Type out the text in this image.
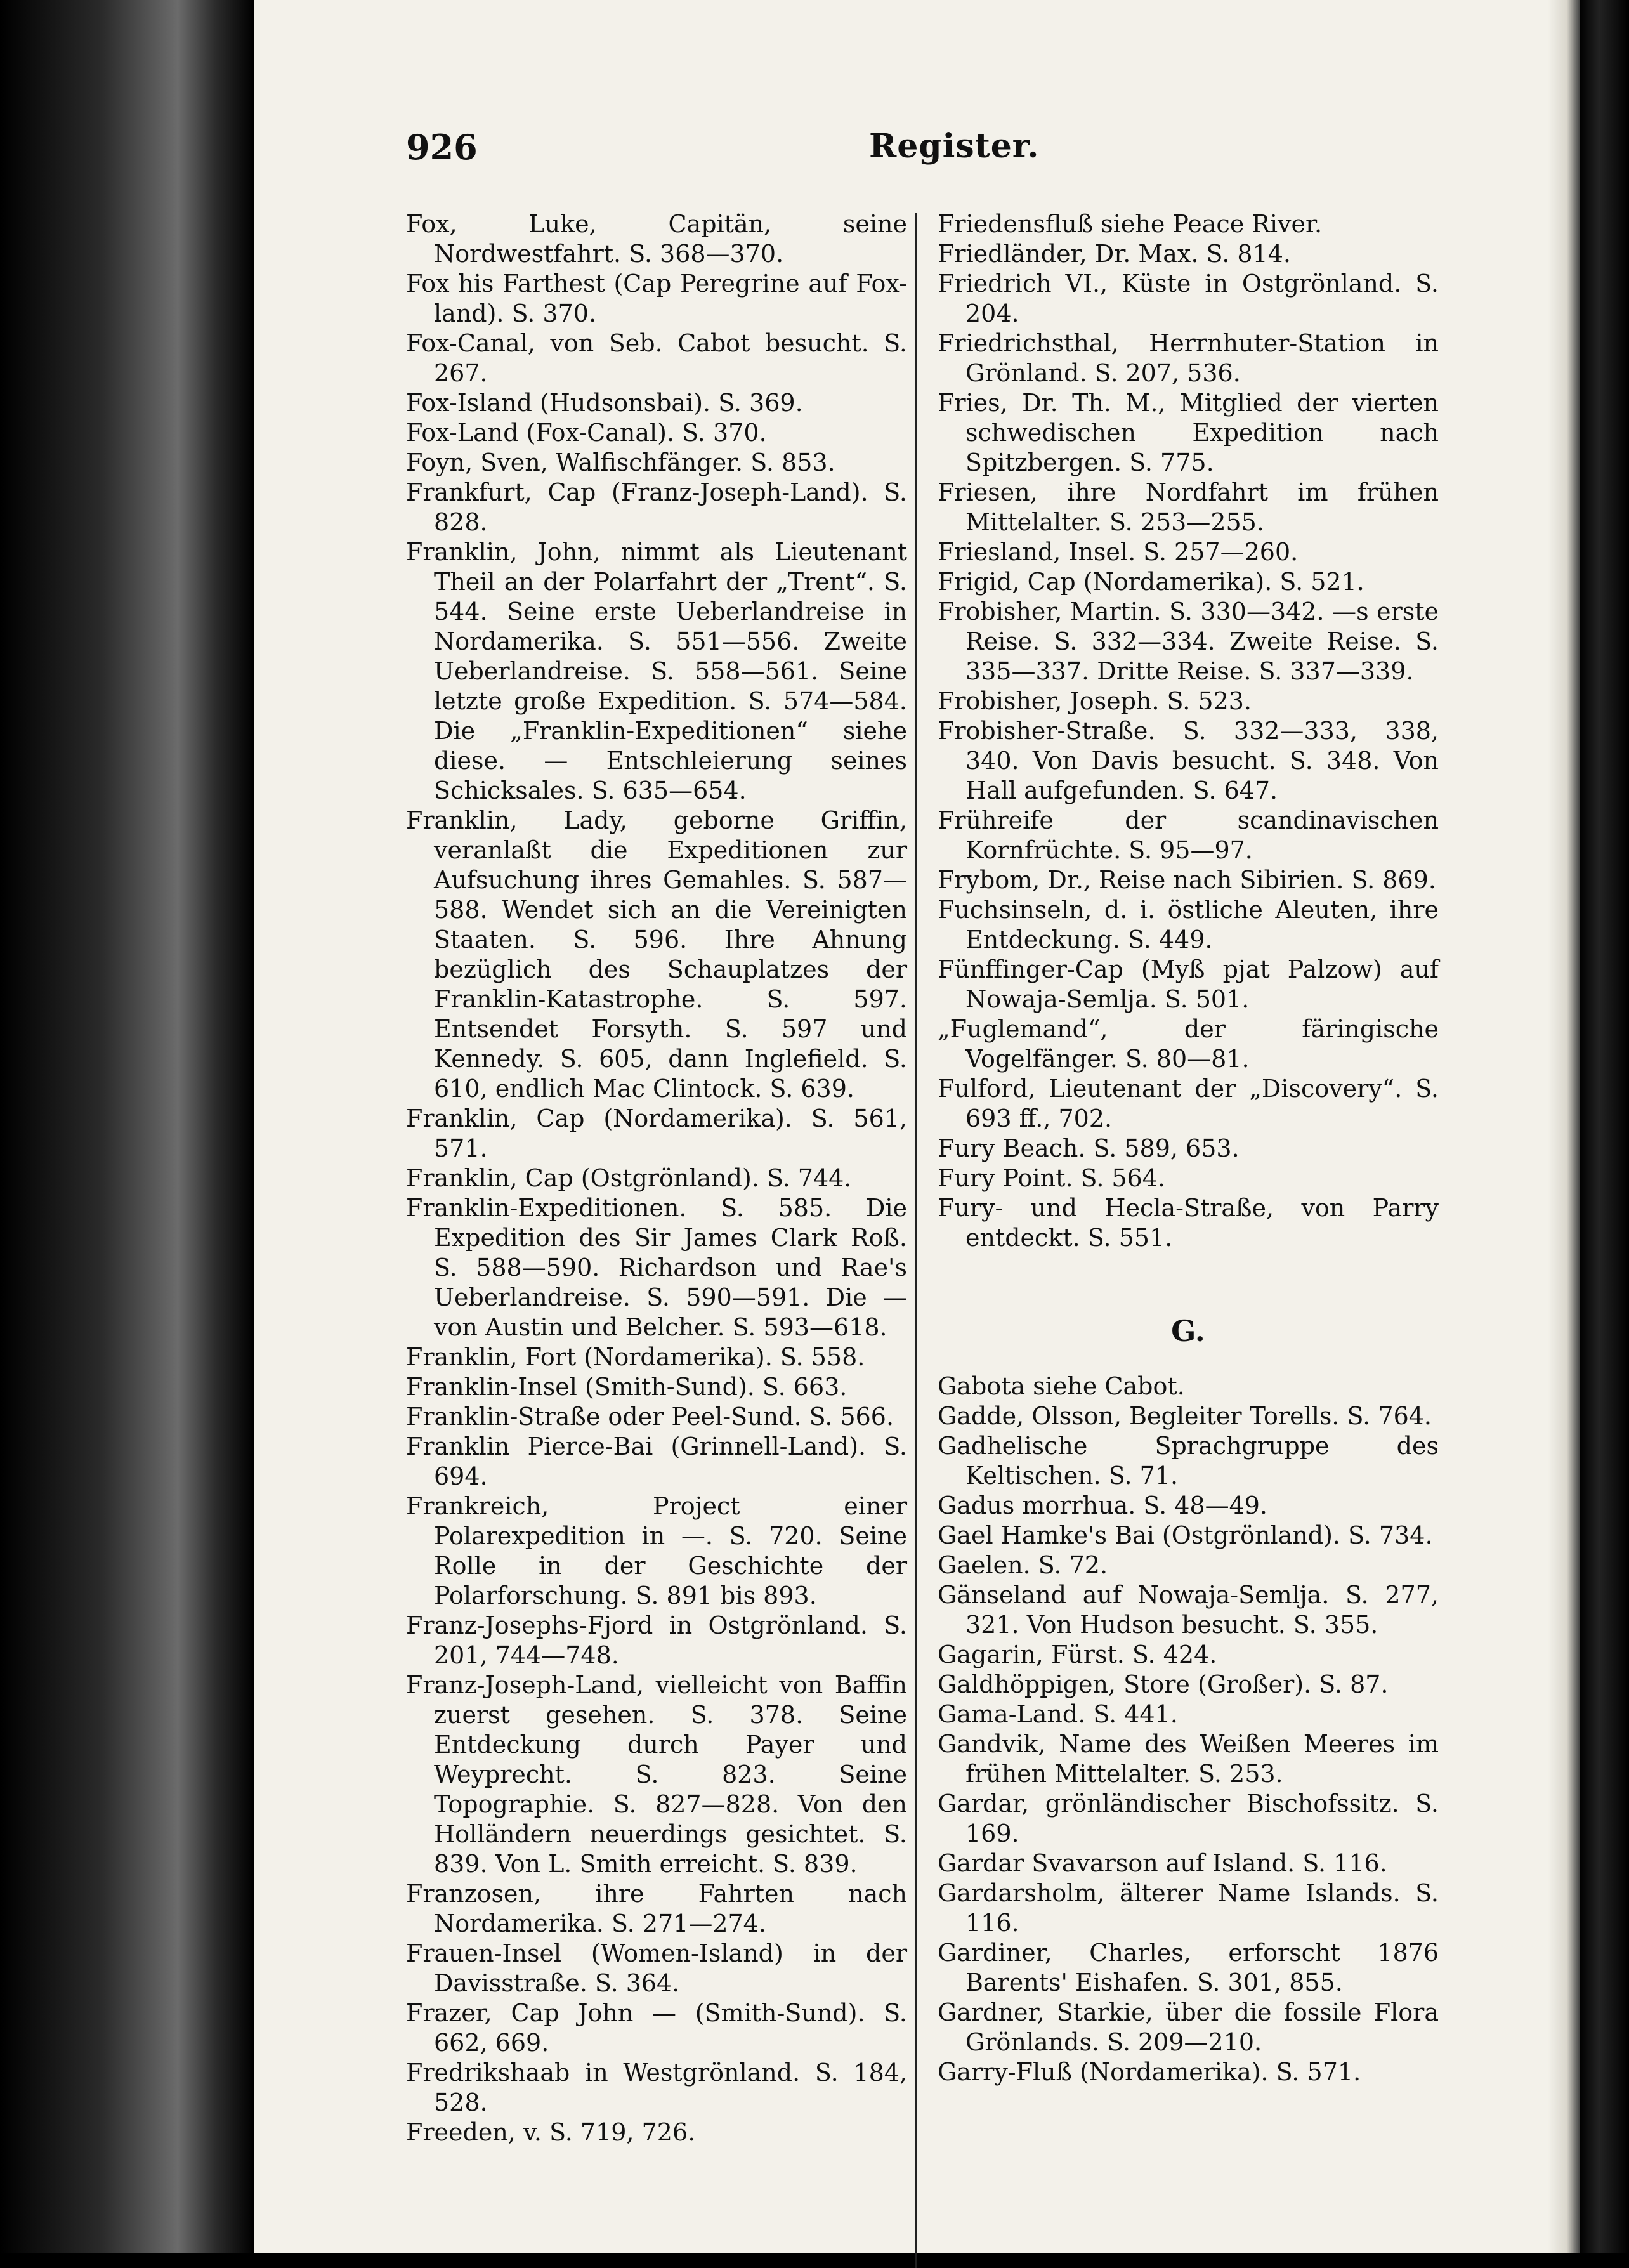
926	Register.

Fox, Luke, Capitän, seine Nordwestfahrt. S. 368—370.

Fox his Farthest (Cap Peregrine auf Fox-land). S. 370.

Fox-Canal, von Seb. Cabot besucht. S. 267.

Fox-Island (Hudsonsbai). S. 369.

Fox-Land (Fox-Canal). S. 370.

Foyn, Sven, Walfischfänger. S. 853.

Frankfurt, Cap (Franz-Joseph-Land). S. 828.

Franklin, John, nimmt als Lieutenant Theil an der Polarfahrt der „Trent“. S. 544. Seine erste Ueberlandreise in Nordamerika. S. 551—556. Zweite Ueberlandreise. S. 558—561. Seine letzte große Expedition. S. 574—584. Die „Franklin-Expeditionen“ siehe diese. — Entschleierung seines Schicksales. S. 635—654.

Franklin, Lady, geborne Griffin, veranlaßt die Expeditionen zur Aufsuchung ihres Gemahles. S. 587—588. Wendet sich an die Vereinigten Staaten. S. 596. Ihre Ahnung bezüglich des Schauplatzes der Franklin-Katastrophe. S. 597. Entsendet Forsyth. S. 597 und Kennedy. S. 605, dann Inglefield. S. 610, endlich Mac Clintock. S. 639.

Franklin, Cap (Nordamerika). S. 561, 571.

Franklin, Cap (Ostgrönland). S. 744.

Franklin-Expeditionen. S. 585. Die Expedition des Sir James Clark Roß. S. 588—590. Richardson und Rae's Ueberlandreise. S. 590—591. Die — von Austin und Belcher. S. 593—618.

Franklin, Fort (Nordamerika). S. 558.

Franklin-Insel (Smith-Sund). S. 663.

Franklin-Straße oder Peel-Sund. S. 566.

Franklin Pierce-Bai (Grinnell-Land). S. 694.

Frankreich, Project einer Polarexpedition in —. S. 720. Seine Rolle in der Geschichte der Polarforschung. S. 891 bis 893.

Franz-Josephs-Fjord in Ostgrönland. S. 201, 744—748.

Franz-Joseph-Land, vielleicht von Baffin zuerst gesehen. S. 378. Seine Entdeckung durch Payer und Weyprecht. S. 823. Seine Topographie. S. 827—828. Von den Holländern neuerdings gesichtet. S. 839. Von L. Smith erreicht. S. 839.

Franzosen, ihre Fahrten nach Nordamerika. S. 271—274.

Frauen-Insel (Women-Island) in der Davisstraße. S. 364.

Frazer, Cap John — (Smith-Sund). S. 662, 669.

Fredrikshaab in Westgrönland. S. 184, 528.

Freeden, v. S. 719, 726.

Friedensfluß siehe Peace River.

Friedländer, Dr. Max. S. 814.

Friedrich VI., Küste in Ostgrönland. S. 204.

Friedrichsthal, Herrnhuter-Station in Grönland. S. 207, 536.

Fries, Dr. Th. M., Mitglied der vierten schwedischen Expedition nach Spitzbergen. S. 775.

Friesen, ihre Nordfahrt im frühen Mittelalter. S. 253—255.

Friesland, Insel. S. 257—260.

Frigid, Cap (Nordamerika). S. 521.

Frobisher, Martin. S. 330—342. —s erste Reise. S. 332—334. Zweite Reise. S. 335—337. Dritte Reise. S. 337—339.

Frobisher, Joseph. S. 523.

Frobisher-Straße. S. 332—333, 338, 340. Von Davis besucht. S. 348. Von Hall aufgefunden. S. 647.

Frühreife der scandinavischen Kornfrüchte. S. 95—97.

Frybom, Dr., Reise nach Sibirien. S. 869.

Fuchsinseln, d. i. östliche Aleuten, ihre Entdeckung. S. 449.

Fünffinger-Cap (Myß pjat Palzow) auf Nowaja-Semlja. S. 501.

„Fuglemand“, der färingische Vogelfänger. S. 80—81.

Fulford, Lieutenant der „Discovery“. S. 693 ff., 702.

Fury Beach. S. 589, 653.

Fury Point. S. 564.

Fury- und Hecla-Straße, von Parry entdeckt. S. 551.

G.

Gabota siehe Cabot.

Gadde, Olsson, Begleiter Torells. S. 764.

Gadhelische Sprachgruppe des Keltischen. S. 71.

Gadus morrhua. S. 48—49.

Gael Hamke's Bai (Ostgrönland). S. 734.

Gaelen. S. 72.

Gänseland auf Nowaja-Semlja. S. 277, 321. Von Hudson besucht. S. 355.

Gagarin, Fürst. S. 424.

Galdhöppigen, Store (Großer). S. 87.

Gama-Land. S. 441.

Gandvik, Name des Weißen Meeres im frühen Mittelalter. S. 253.

Gardar, grönländischer Bischofssitz. S. 169.

Gardar Svavarson auf Island. S. 116.

Gardarsholm, älterer Name Islands. S. 116.

Gardiner, Charles, erforscht 1876 Barents' Eishafen. S. 301, 855.

Gardner, Starkie, über die fossile Flora Grönlands. S. 209—210.

Garry-Fluß (Nordamerika). S. 571.
